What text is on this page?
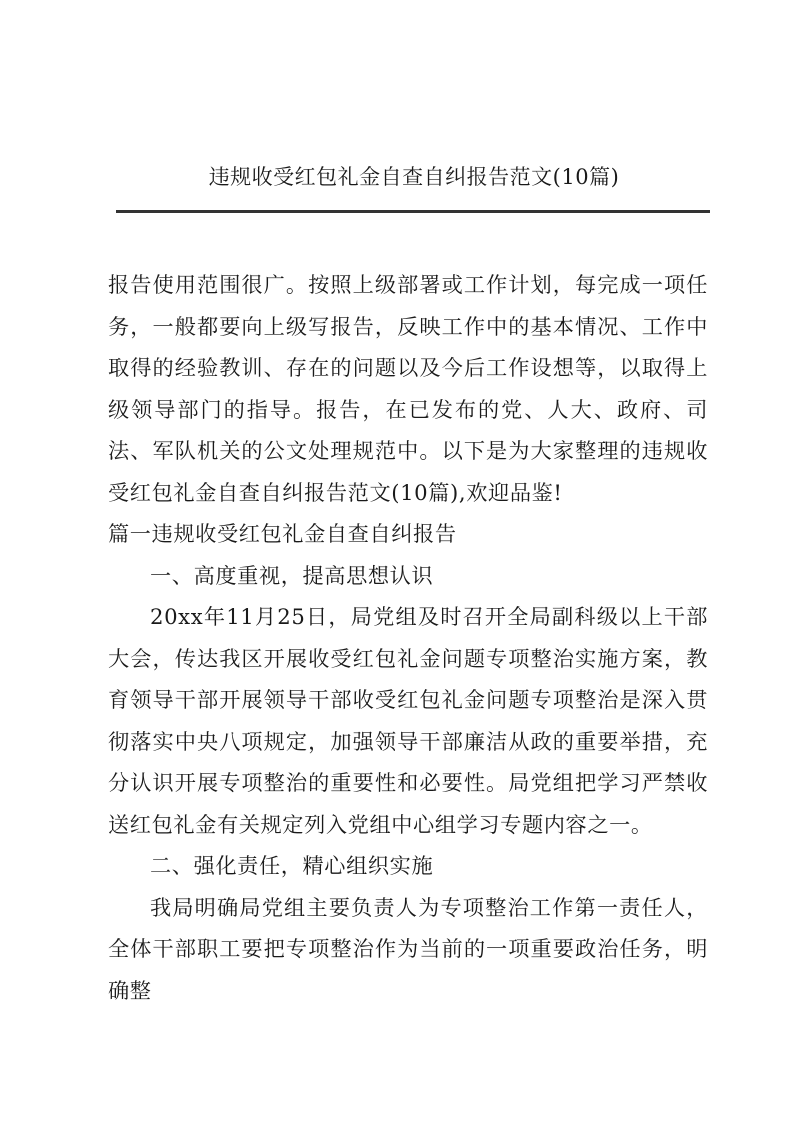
违规收受红包礼金自查自纠报告范文(10篇)

报告使用范围很广。按照上级部署或工作计划，每完成一项任务，一般都要向上级写报告，反映工作中的基本情况、工作中取得的经验教训、存在的问题以及今后工作设想等，以取得上级领导部门的指导。报告，在已发布的党、人大、政府、司法、军队机关的公文处理规范中。以下是为大家整理的违规收受红包礼金自查自纠报告范文(10篇),欢迎品鉴!

篇一违规收受红包礼金自查自纠报告

一、高度重视，提高思想认识

20xx年11月25日，局党组及时召开全局副科级以上干部大会，传达我区开展收受红包礼金问题专项整治实施方案，教育领导干部开展领导干部收受红包礼金问题专项整治是深入贯彻落实中央八项规定，加强领导干部廉洁从政的重要举措，充分认识开展专项整治的重要性和必要性。局党组把学习严禁收送红包礼金有关规定列入党组中心组学习专题内容之一。

二、强化责任，精心组织实施

我局明确局党组主要负责人为专项整治工作第一责任人，全体干部职工要把专项整治作为当前的一项重要政治任务，明确整
